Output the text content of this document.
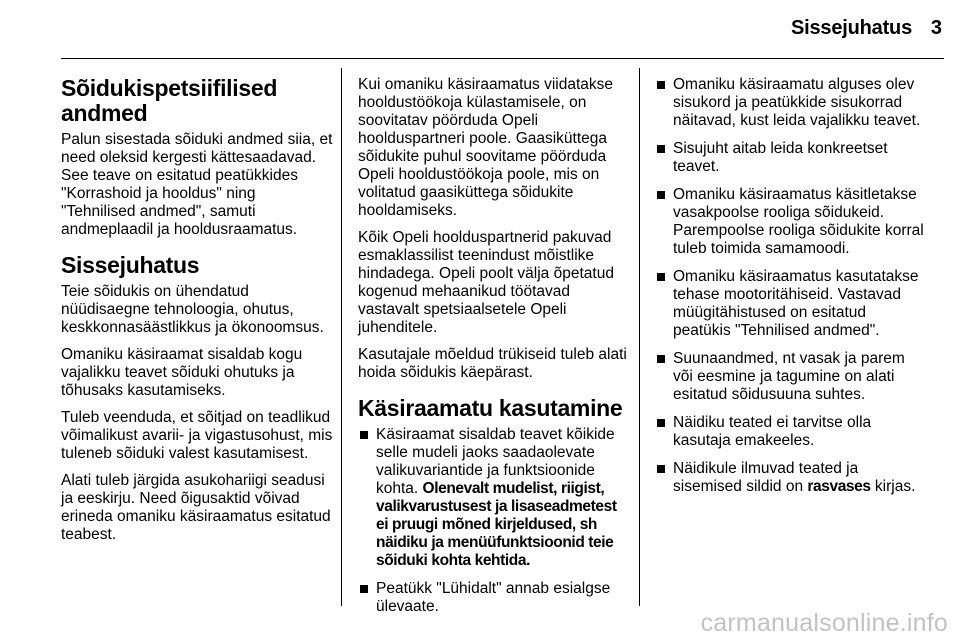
Sissejuhatus 3
Sõidukispetsiifilised andmed

Palun sisestada sõiduki andmed siia, et need oleksid kergesti kättesaadavad. See teave on esitatud peatükkides "Korrashoid ja hooldus" ning "Tehnilised andmed", samuti andmeplaadil ja hooldusraamatus.

Sissejuhatus

Teie sõidukis on ühendatud nüüdisaegne tehnoloogia, ohutus, keskkonnasäästlikkus ja ökonoomsus.

Omaniku käsiraamat sisaldab kogu vajalikku teavet sõiduki ohutuks ja tõhusaks kasutamiseks.

Tuleb veenduda, et sõitjad on teadlikud võimalikust avarii- ja vigastusohust, mis tuleneb sõiduki valest kasutamisest.

Alati tuleb järgida asukohariigi seadusi ja eeskirju. Need õigusaktid võivad erineda omaniku käsiraamatus esitatud teabest.

Kui omaniku käsiraamatus viidatakse hooldustöökoja külastamisele, on soovitatav pöörduda Opeli hoolduspartneri poole. Gaasiküttega sõidukite puhul soovitame pöörduda Opeli hooldustöökoja poole, mis on volitatud gaasiküttega sõidukite hooldamiseks.

Kõik Opeli hoolduspartnerid pakuvad esmaklassilist teenindust mõistlike hindadega. Opeli poolt välja õpetatud kogenud mehaanikud töötavad vastavalt spetsiaalsetele Opeli juhenditele.

Kasutajale mõeldud trükiseid tuleb alati hoida sõidukis käepärast.

Käsiraamatu kasutamine
Käsiraamat sisaldab teavet kõikide selle mudeli jaoks saadaolevate valikuvariantide ja funktsioonide kohta. Olenevalt mudelist, riigist, valikvarustusest ja lisaseadmetest ei pruugi mõned kirjeldused, sh näidiku ja menüüfunktsioonid teie sõiduki kohta kehtida.
Peatükk "Lühidalt" annab esialgse ülevaate.
Omaniku käsiraamatu alguses olev sisukord ja peatükkide sisukorrad näitavad, kust leida vajalikku teavet.
Sisujuht aitab leida konkreetset teavet.
Omaniku käsiraamatus käsitletakse vasakpoolse rooliga sõidukeid. Parempoolse rooliga sõidukite korral tuleb toimida samamoodi.
Omaniku käsiraamatus kasutatakse tehase mootoritähiseid. Vastavad müügitähistused on esitatud peatükis "Tehnilised andmed".
Suunaandmed, nt vasak ja parem või eesmine ja tagumine on alati esitatud sõidusuuna suhtes.
Näidiku teated ei tarvitse olla kasutaja emakeeles.
Näidikule ilmuvad teated ja sisemised sildid on rasvases kirjas.
carmanualsonline.info
